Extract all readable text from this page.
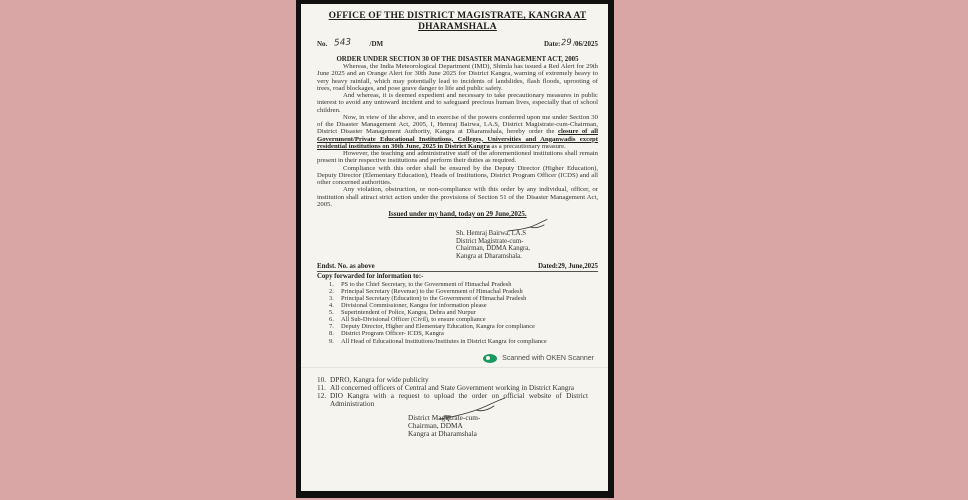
OFFICE OF THE DISTRICT MAGISTRATE, KANGRA AT
DHARAMSHALA
No. 543	/DM	Date: 29 /06/2025
ORDER UNDER SECTION 30 OF THE DISASTER MANAGEMENT ACT, 2005

Whereas, the India Meteorological Department (IMD), Shimla has issued a Red Alert for 29th June 2025 and an Orange Alert for 30th June 2025 for District Kangra, warning of extremely heavy to very heavy rainfall, which may potentially lead to incidents of landslides, flash floods, uprooting of trees, road blockages, and pose grave danger to life and public safety.

And whereas, it is deemed expedient and necessary to take precautionary measures in public interest to avoid any untoward incident and to safeguard precious human lives, especially that of school children.

Now, in view of the above, and in exercise of the powers conferred upon me under Section 30 of the Disaster Management Act, 2005, I, Hemraj Bairwa, I.A.S, District Magistrate-cum-Chairman, District Disaster Management Authority, Kangra at Dharamshala, hereby order the closure of all Government/Private Educational Institutions, Colleges, Universities and Anganwadis except residential institutions on 30th June, 2025 in District Kangra as a precautionary measure.

However, the teaching and administrative staff of the aforementioned institutions shall remain present in their respective institutions and perform their duties as required.

Compliance with this order shall be ensured by the Deputy Director (Higher Education), Deputy Director (Elementary Education), Heads of Institutions, District Program Officer (ICDS) and all other concerned authorities.

Any violation, obstruction, or non-compliance with this order by any individual, officer, or institution shall attract strict action under the provisions of Section 51 of the Disaster Management Act, 2005.

Issued under my hand, today on 29 June,2025.
Sh. Hemraj Bairwa, I.A.S
District Magistrate-cum-
Chairman, DDMA Kangra,
Kangra at Dharamshala.
Endst. No. as above	Dated:29, June,2025
Copy forwarded for information to:-
1.	PS to the Chief Secretary, to the Government of Himachal Pradesh
2.	Principal Secretary (Revenue) to the Government of Himachal Pradesh
3.	Principal Secretary (Education) to the Government of Himachal Pradesh
4.	Divisional Commissioner, Kangra for information please
5.	Superintendent of Police, Kangra, Dehra and Nurpur
6.	All Sub-Divisional Officer (Civil), to ensure compliance
7.	Deputy Director, Higher and Elementary Education, Kangra for compliance
8.	District Program Officer- ICDS, Kangra
9.	All Head of Educational Institutions/Institutes in District Kangra for compliance
Scanned with OKEN Scanner
10. DPRO, Kangra for wide publicity
11. All concerned officers of Central and State Government working in District Kangra
12. DIO Kangra with a request to upload the order on official website of District Administration
District Magistrate-cum-
Chairman, DDMA
Kangra at Dharamshala
